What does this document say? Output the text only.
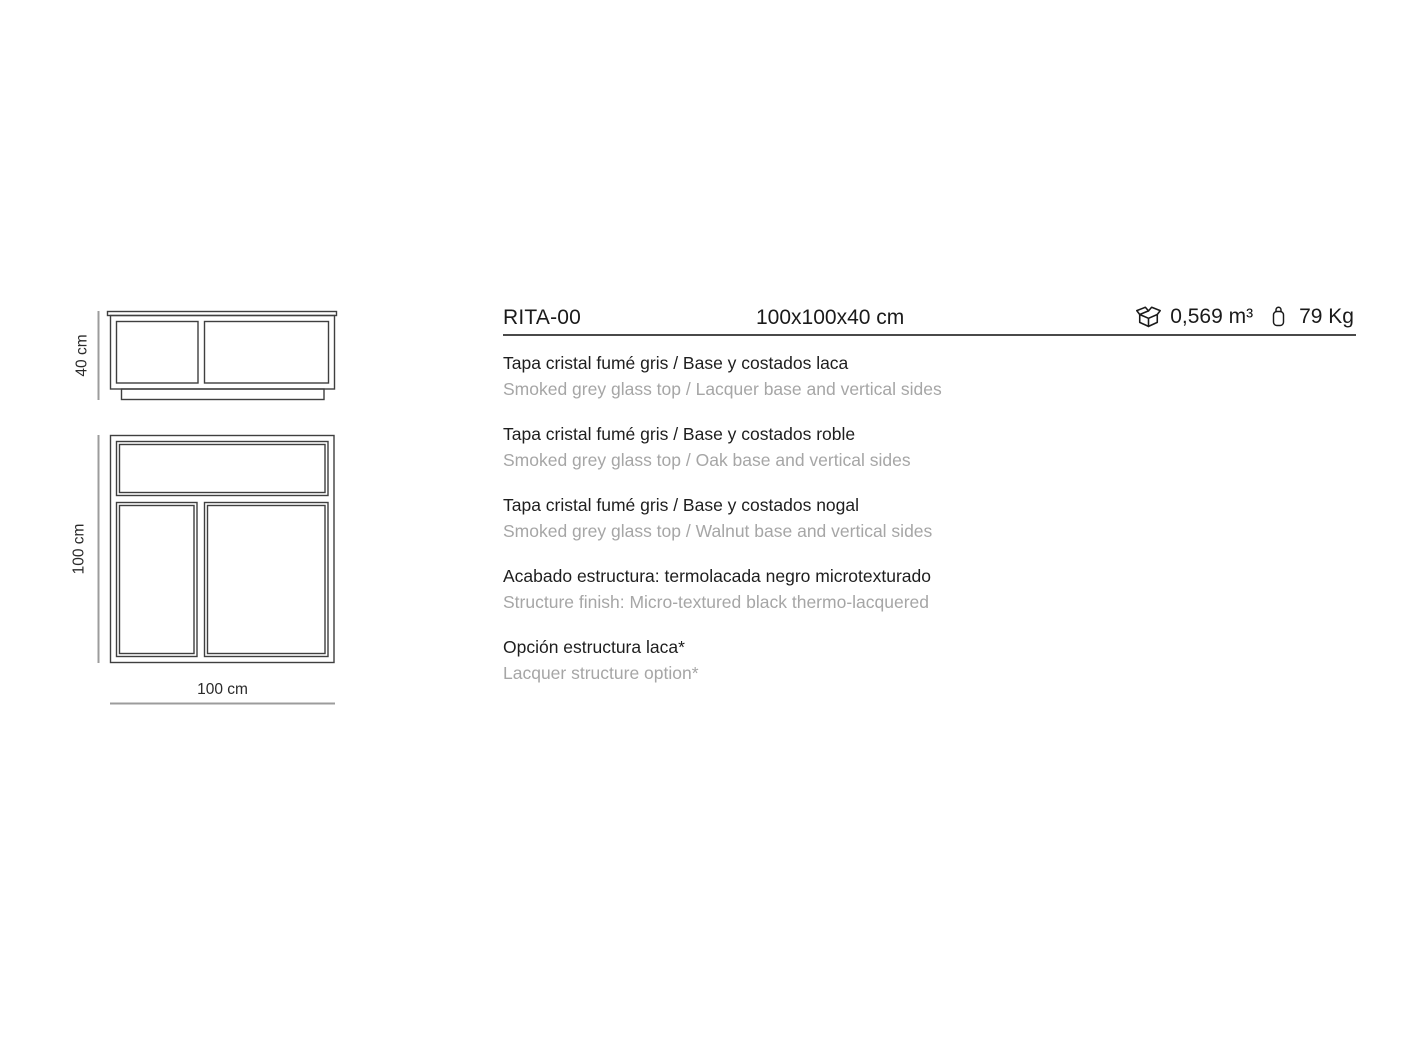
40 cm
100 cm
100 cm
RITA-00	100x100x40 cm	0,569 m³ 79 Kg
Tapa cristal fumé gris / Base y costados laca
Smoked grey glass top / Lacquer base and vertical sides
Tapa cristal fumé gris / Base y costados roble
Smoked grey glass top / Oak base and vertical sides
Tapa cristal fumé gris / Base y costados nogal
Smoked grey glass top / Walnut base and vertical sides
Acabado estructura: termolacada negro microtexturado
Structure finish: Micro-textured black thermo-lacquered
Opción estructura laca*
Lacquer structure option*
